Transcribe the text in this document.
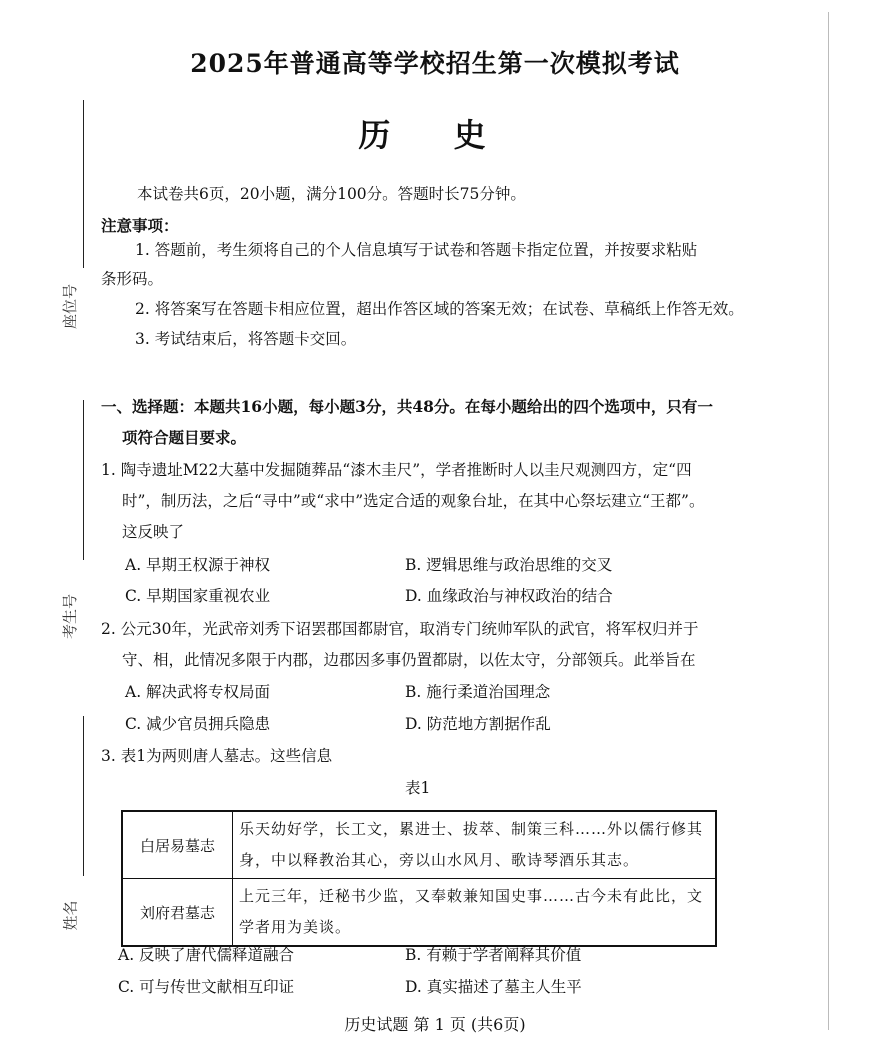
2025年普通高等学校招生第一次模拟考试
历 史
座位号
考生号
姓名
本试卷共6页，20小题，满分100分。答题时长75分钟。
注意事项：
1. 答题前，考生须将自己的个人信息填写于试卷和答题卡指定位置，并按要求粘贴
条形码。
2. 将答案写在答题卡相应位置，超出作答区域的答案无效；在试卷、草稿纸上作答无效。
3. 考试结束后，将答题卡交回。
一、选择题：本题共16小题，每小题3分，共48分。在每小题给出的四个选项中，只有一
项符合题目要求。
1. 陶寺遗址M22大墓中发掘随葬品“漆木圭尺”，学者推断时人以圭尺观测四方，定“四
时”，制历法，之后“寻中”或“求中”选定合适的观象台址，在其中心祭坛建立“王都”。
这反映了
A. 早期王权源于神权	B. 逻辑思维与政治思维的交叉
C. 早期国家重视农业	D. 血缘政治与神权政治的结合
2. 公元30年，光武帝刘秀下诏罢郡国都尉官，取消专门统帅军队的武官，将军权归并于
守、相，此情况多限于内郡，边郡因多事仍置都尉，以佐太守，分部领兵。此举旨在
A. 解决武将专权局面	B. 施行柔道治国理念
C. 减少官员拥兵隐患	D. 防范地方割据作乱
3. 表1为两则唐人墓志。这些信息
表1
白居易墓志	乐天幼好学，长工文，累进士、拔萃、制策三科……外以儒行修其
身，中以释教治其心，旁以山水风月、歌诗琴酒乐其志。
刘府君墓志	上元三年，迁秘书少监，又奉敕兼知国史事……古今未有此比，文
学者用为美谈。
A. 反映了唐代儒释道融合	B. 有赖于学者阐释其价值
C. 可与传世文献相互印证	D. 真实描述了墓主人生平
历史试题 第 1 页 (共6页)
